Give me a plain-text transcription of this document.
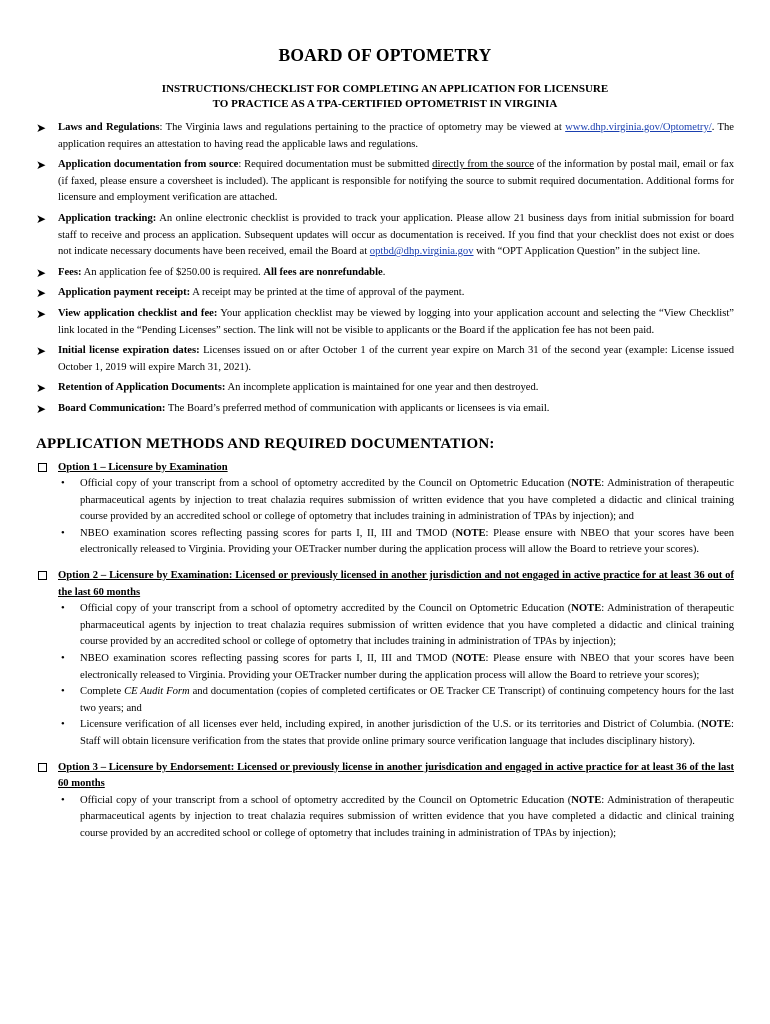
BOARD OF OPTOMETRY
INSTRUCTIONS/CHECKLIST FOR COMPLETING AN APPLICATION FOR LICENSURE
TO PRACTICE AS A TPA-CERTIFIED OPTOMETRIST IN VIRGINIA
➤ Laws and Regulations: The Virginia laws and regulations pertaining to the practice of optometry may be viewed at www.dhp.virginia.gov/Optometry/. The application requires an attestation to having read the applicable laws and regulations.
➤ Application documentation from source: Required documentation must be submitted directly from the source of the information by postal mail, email or fax (if faxed, please ensure a coversheet is included). The applicant is responsible for notifying the source to submit required documentation. Additional forms for licensure and employment verification are attached.
➤ Application tracking: An online electronic checklist is provided to track your application. Please allow 21 business days from initial submission for board staff to receive and process an application. Subsequent updates will occur as documentation is received. If you find that your checklist does not exist or does not indicate necessary documents have been received, email the Board at optbd@dhp.virginia.gov with “OPT Application Question” in the subject line.
➤ Fees: An application fee of $250.00 is required. All fees are nonrefundable.
➤ Application payment receipt: A receipt may be printed at the time of approval of the payment.
➤ View application checklist and fee: Your application checklist may be viewed by logging into your application account and selecting the “View Checklist” link located in the “Pending Licenses” section. The link will not be visible to applicants or the Board if the application fee has not been paid.
➤ Initial license expiration dates: Licenses issued on or after October 1 of the current year expire on March 31 of the second year (example: License issued October 1, 2019 will expire March 31, 2021).
➤ Retention of Application Documents: An incomplete application is maintained for one year and then destroyed.
➤ Board Communication: The Board’s preferred method of communication with applicants or licensees is via email.
APPLICATION METHODS AND REQUIRED DOCUMENTATION:
Option 1 – Licensure by Examination
• Official copy of your transcript from a school of optometry accredited by the Council on Optometric Education (NOTE: Administration of therapeutic pharmaceutical agents by injection to treat chalazia requires submission of written evidence that you have completed a didactic and clinical training course provided by an accredited school or college of optometry that includes training in administration of TPAs by injection); and
• NBEO examination scores reflecting passing scores for parts I, II, III and TMOD (NOTE: Please ensure with NBEO that your scores have been electronically released to Virginia. Providing your OETracker number during the application process will allow the Board to retrieve your scores).
Option 2 – Licensure by Examination: Licensed or previously licensed in another jurisdiction and not engaged in active practice for at least 36 out of the last 60 months
• Official copy of your transcript from a school of optometry accredited by the Council on Optometric Education (NOTE: Administration of therapeutic pharmaceutical agents by injection to treat chalazia requires submission of written evidence that you have completed a didactic and clinical training course provided by an accredited school or college of optometry that includes training in administration of TPAs by injection);
• NBEO examination scores reflecting passing scores for parts I, II, III and TMOD (NOTE: Please ensure with NBEO that your scores have been electronically released to Virginia. Providing your OETracker number during the application process will allow the Board to retrieve your scores);
• Complete CE Audit Form and documentation (copies of completed certificates or OE Tracker CE Transcript) of continuing competency hours for the last two years; and
• Licensure verification of all licenses ever held, including expired, in another jurisdiction of the U.S. or its territories and District of Columbia. (NOTE: Staff will obtain licensure verification from the states that provide online primary source verification language that includes disciplinary history).
Option 3 – Licensure by Endorsement: Licensed or previously license in another jurisdication and engaged in active practice for at least 36 of the last 60 months
• Official copy of your transcript from a school of optometry accredited by the Council on Optometric Education (NOTE: Administration of therapeutic pharmaceutical agents by injection to treat chalazia requires submission of written evidence that you have completed a didactic and clinical training course provided by an accredited school or college of optometry that includes training in administration of TPAs by injection);
